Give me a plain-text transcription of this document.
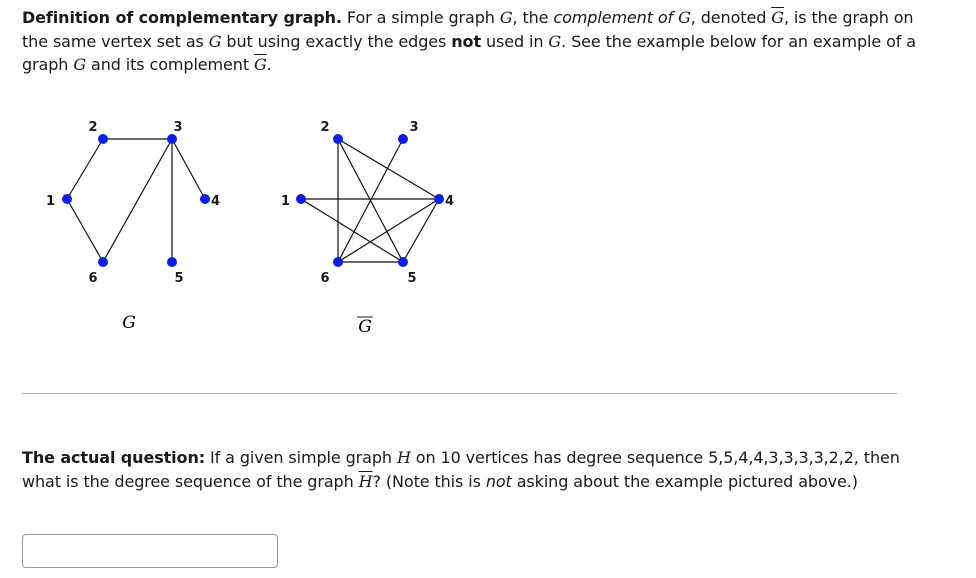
Definition of complementary graph. For a simple graph G, the complement of G, denoted $\overline{G}$, is the graph on the same vertex set as G but using exactly the edges not used in G. See the example below for an example of a graph G and its complement $\overline{G}$.
1
2	3
4
5
6
1
2	3
4
5
6
G	G
The actual question: If a given simple graph H on 10 vertices has degree sequence 5,5,4,4,3,3,3,3,2,2, then what is the degree sequence of the graph $\overline{H}$? (Note this is not asking about the example pictured above.)
